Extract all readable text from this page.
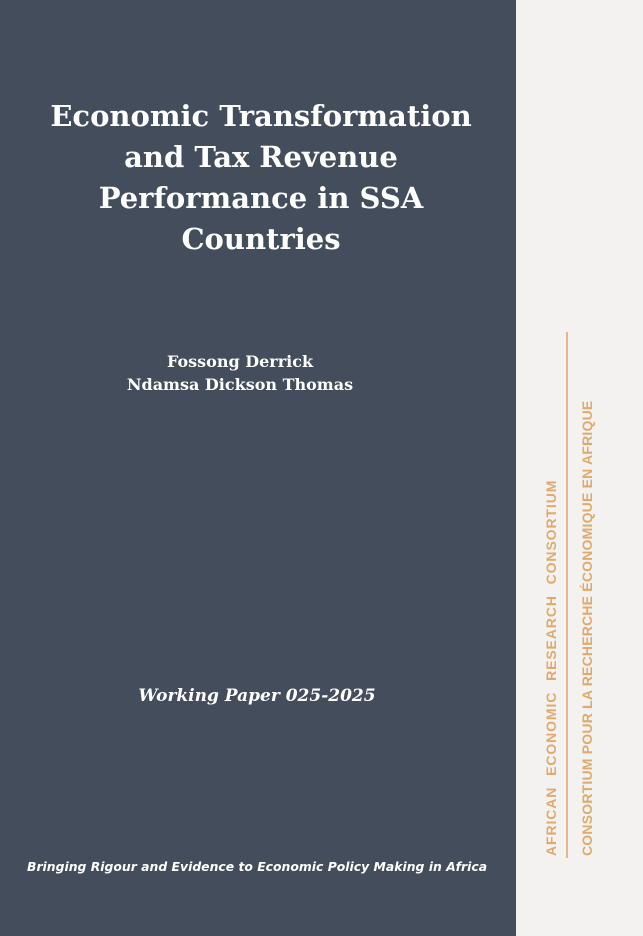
Economic Transformation and Tax Revenue Performance in SSA Countries
Fossong Derrick
Ndamsa Dickson Thomas
Working Paper 025-2025
Bringing Rigour and Evidence to Economic Policy Making in Africa
AFRICAN ECONOMIC RESEARCH CONSORTIUM CONSORTIUM POUR LA RECHERCHE ÉCONOMIQUE EN AFRIQUE
